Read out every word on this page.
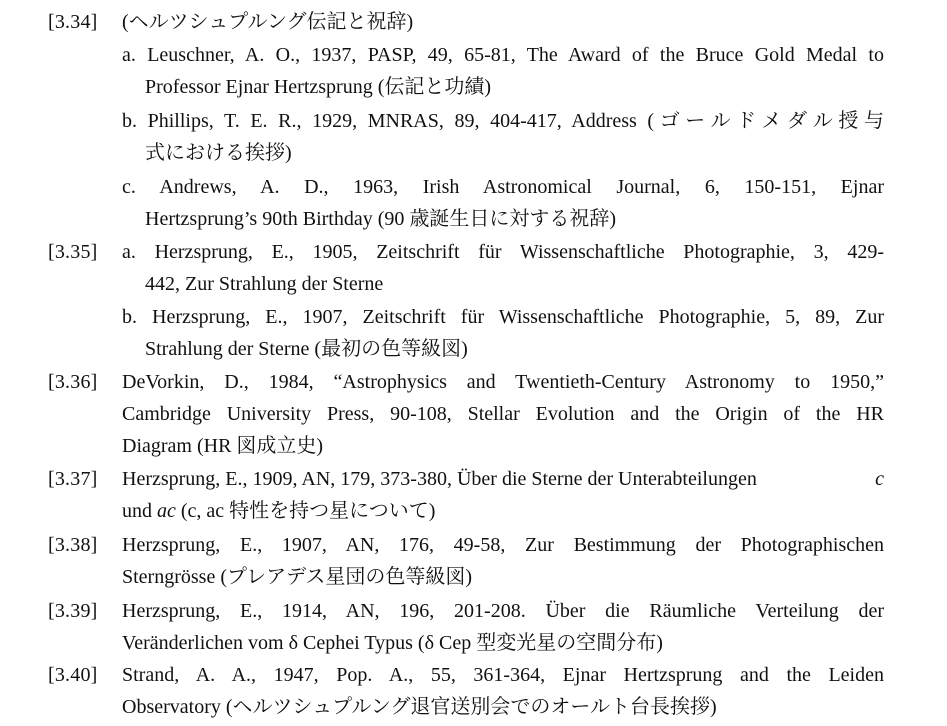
[3.34] (ヘルツシュプルング伝記と祝辞)
a. Leuschner, A. O., 1937, PASP, 49, 65-81, The Award of the Bruce Gold Medal to
Professor Ejnar Hertzsprung (伝記と功績)
b. Phillips, T. E. R., 1929, MNRAS, 89, 404-417, Address (ゴールドメダル授与
式における挨拶)
c. Andrews, A. D., 1963, Irish Astronomical Journal, 6, 150-151, Ejnar
Hertzsprung’s 90th Birthday (90 歳誕生日に対する祝辞)
[3.35] a. Herzsprung, E., 1905, Zeitschrift für Wissenschaftliche Photographie, 3, 429-
442, Zur Strahlung der Sterne
b. Herzsprung, E., 1907, Zeitschrift für Wissenschaftliche Photographie, 5, 89, Zur
Strahlung der Sterne (最初の色等級図)
[3.36] DeVorkin, D., 1984, “Astrophysics and Twentieth-Century Astronomy to 1950,”
Cambridge University Press, 90-108, Stellar Evolution and the Origin of the HR
Diagram (HR 図成立史)
[3.37] Herzsprung, E., 1909, AN, 179, 373-380, Über die Sterne der Unterabteilungen	c
und ac (c, ac 特性を持つ星について)
[3.38] Herzsprung, E., 1907, AN, 176, 49-58, Zur Bestimmung der Photographischen
Sterngrösse (プレアデス星団の色等級図)
[3.39] Herzsprung, E., 1914, AN, 196, 201-208. Über die Räumliche Verteilung der
Veränderlichen vom δ Cephei Typus (δ Cep 型変光星の空間分布)
[3.40] Strand, A. A., 1947, Pop. A., 55, 361-364, Ejnar Hertzsprung and the Leiden
Observatory (ヘルツシュプルング退官送別会でのオールト台長挨拶)
